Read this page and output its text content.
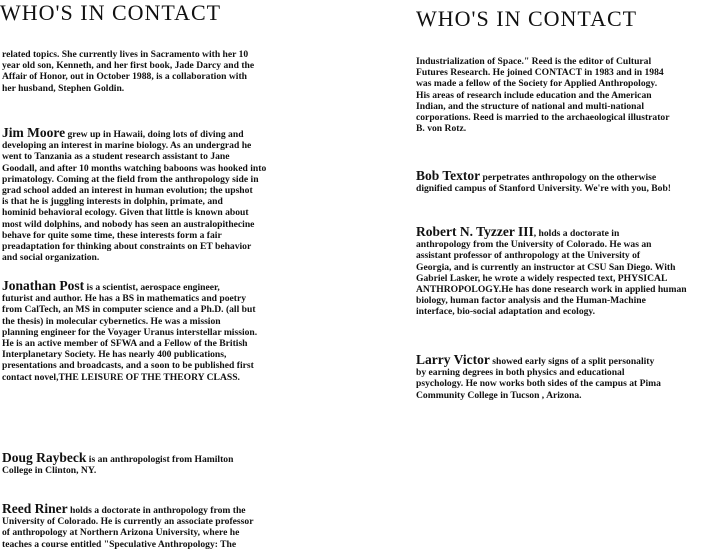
WHO'S IN CONTACT	WHO'S IN CONTACT

related topics. She currently lives in Sacramento with her 10
year old son, Kenneth, and her first book, Jade Darcy and the
Affair of Honor, out in October 1988, is a collaboration with
her husband, Stephen Goldin.

Jim Moore grew up in Hawaii, doing lots of diving and
developing an interest in marine biology. As an undergrad he
went to Tanzania as a student research assistant to Jane
Goodall, and after 10 months watching baboons was hooked into
primatology. Coming at the field from the anthropology side in
grad school added an interest in human evolution; the upshot
is that he is juggling interests in dolphin, primate, and
hominid behavioral ecology. Given that little is known about
most wild dolphins, and nobody has seen an australopithecine
behave for quite some time, these interests form a fair
preadaptation for thinking about constraints on ET behavior
and social organization.

Jonathan Post is a scientist, aerospace engineer,
futurist and author. He has a BS in mathematics and poetry
from CalTech, an MS in computer science and a Ph.D. (all but
the thesis) in molecular cybernetics. He was a mission
planning engineer for the Voyager Uranus interstellar mission.
He is an active member of SFWA and a Fellow of the British
Interplanetary Society. He has nearly 400 publications,
presentations and broadcasts, and a soon to be published first
contact novel,THE LEISURE OF THE THEORY CLASS.

Doug Raybeck is an anthropologist from Hamilton
College in Clinton, NY.

Reed Riner holds a doctorate in anthropology from the
University of Colorado. He is currently an associate professor
of anthropology at Northern Arizona University, where he
teaches a course entitled "Speculative Anthropology: The

Industrialization of Space." Reed is the editor of Cultural
Futures Research. He joined CONTACT in 1983 and in 1984
was made a fellow of the Society for Applied Anthropology.
His areas of research include education and the American
Indian, and the structure of national and multi-national
corporations. Reed is married to the archaeological illustrator
B. von Rotz.

Bob Textor perpetrates anthropology on the otherwise
dignified campus of Stanford University. We're with you, Bob!

Robert N. Tyzzer III, holds a doctorate in
anthropology from the University of Colorado. He was an
assistant professor of anthropology at the University of
Georgia, and is currently an instructor at CSU San Diego. With
Gabriel Lasker, he wrote a widely respected text, PHYSICAL
ANTHROPOLOGY.He has done research work in applied human
biology, human factor analysis and the Human-Machine
interface, bio-social adaptation and ecology.

Larry Victor showed early signs of a split personality
by earning degrees in both physics and educational
psychology. He now works both sides of the campus at Pima
Community College in Tucson , Arizona.
